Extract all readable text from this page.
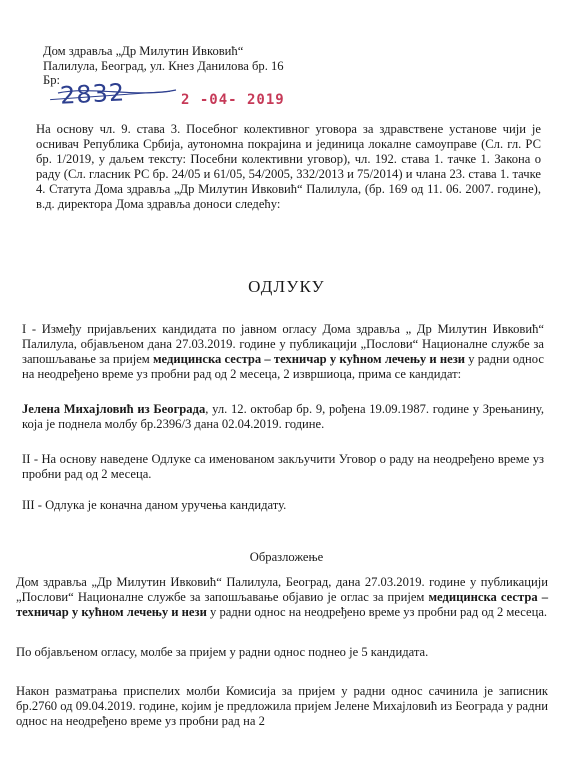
Дом здравља „Др Милутин Ивковић“
Палилула, Београд, ул. Кнез Данилова бр. 16
Бр: 2832	2 -04- 2019
На основу чл. 9. става 3. Посебног колективног уговора за здравствене установе чији је оснивач Република Србија, аутономна покрајина и јединица локалне самоуправе (Сл. гл. РС бр. 1/2019, у даљем тексту: Посебни колективни уговор), чл. 192. става 1. тачке 1. Закона о раду (Сл. гласник РС бр. 24/05 и 61/05, 54/2005, 332/2013 и 75/2014) и члана 23. става 1. тачке 4. Статута Дома здравља „Др Милутин Ивковић“ Палилула, (бр. 169 од 11. 06. 2007. године), в.д. директора Дома здравља доноси следећу:
ОДЛУКУ
I - Између пријављених кандидата по јавном огласу Дома здравља „ Др Милутин Ивковић“ Палилула, објављеном дана 27.03.2019. године у публикацији „Послови“ Националне службе за запошљавање за пријем медицинска сестра – техничар у кућном лечењу и нези у радни однос на неодређено време уз пробни рад од 2 месеца, 2 извршиоца, прима се кандидат:
Јелена Михајловић из Београда, ул. 12. октобар бр. 9, рођена 19.09.1987. године у Зрењанину, која је поднела молбу бр.2396/3 дана 02.04.2019. године.
II - На основу наведене Одлуке са именованом закључити Уговор о раду на неодређено време уз пробни рад од 2 месеца.
III - Одлука је коначна даном уручења кандидату.
Образложење
Дом здравља „Др Милутин Ивковић“ Палилула, Београд, дана 27.03.2019. године у публикацији „Послови“ Националне службе за запошљавање објавио је оглас за пријем медицинска сестра – техничар у кућном лечењу и нези у радни однос на неодређено време уз пробни рад од 2 месеца.
По објављеном огласу, молбе за пријем у радни однос поднео је 5 кандидата.
Након разматрања приспелих молби Комисија за пријем у радни однос сачинила је записник бр.2760 од 09.04.2019. године, којим је предложила пријем Јелене Михајловић из Београда у радни однос на неодређено време уз пробни рад на 2
